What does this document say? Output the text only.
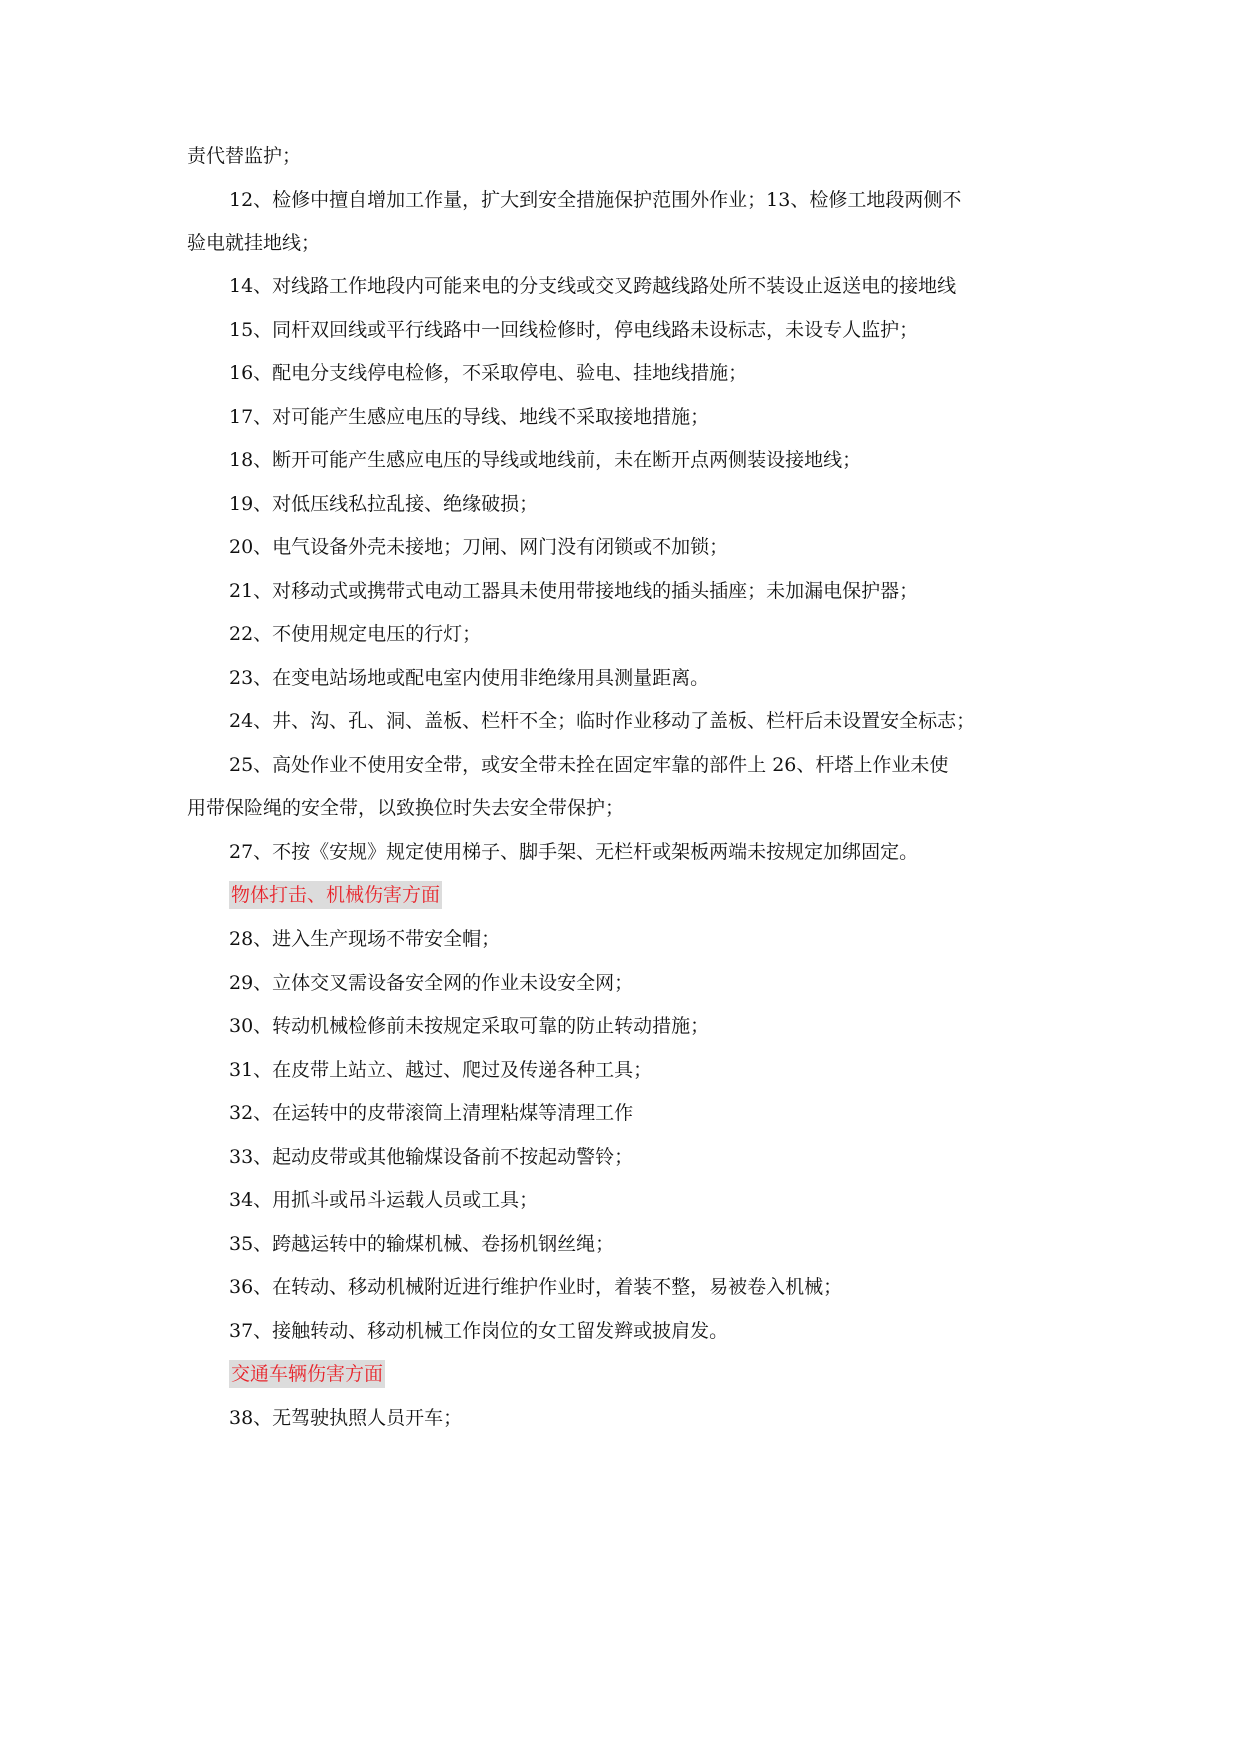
责代替监护；
12、检修中擅自增加工作量，扩大到安全措施保护范围外作业；13、检修工地段两侧不
验电就挂地线；
14、对线路工作地段内可能来电的分支线或交叉跨越线路处所不装设止返送电的接地线
15、同杆双回线或平行线路中一回线检修时，停电线路未设标志，未设专人监护；
16、配电分支线停电检修，不采取停电、验电、挂地线措施；
17、对可能产生感应电压的导线、地线不采取接地措施；
18、断开可能产生感应电压的导线或地线前，未在断开点两侧装设接地线；
19、对低压线私拉乱接、绝缘破损；
20、电气设备外壳未接地；刀闸、网门没有闭锁或不加锁；
21、对移动式或携带式电动工器具未使用带接地线的插头插座；未加漏电保护器；
22、不使用规定电压的行灯；
23、在变电站场地或配电室内使用非绝缘用具测量距离。
24、井、沟、孔、洞、盖板、栏杆不全；临时作业移动了盖板、栏杆后未设置安全标志；
25、高处作业不使用安全带，或安全带未拴在固定牢靠的部件上 26、杆塔上作业未使
用带保险绳的安全带，以致换位时失去安全带保护；
27、不按《安规》规定使用梯子、脚手架、无栏杆或架板两端未按规定加绑固定。
物体打击、机械伤害方面
28、进入生产现场不带安全帽；
29、立体交叉需设备安全网的作业未设安全网；
30、转动机械检修前未按规定采取可靠的防止转动措施；
31、在皮带上站立、越过、爬过及传递各种工具；
32、在运转中的皮带滚筒上清理粘煤等清理工作
33、起动皮带或其他输煤设备前不按起动警铃；
34、用抓斗或吊斗运载人员或工具；
35、跨越运转中的输煤机械、卷扬机钢丝绳；
36、在转动、移动机械附近进行维护作业时，着装不整，易被卷入机械；
37、接触转动、移动机械工作岗位的女工留发辫或披肩发。
交通车辆伤害方面
38、无驾驶执照人员开车；
